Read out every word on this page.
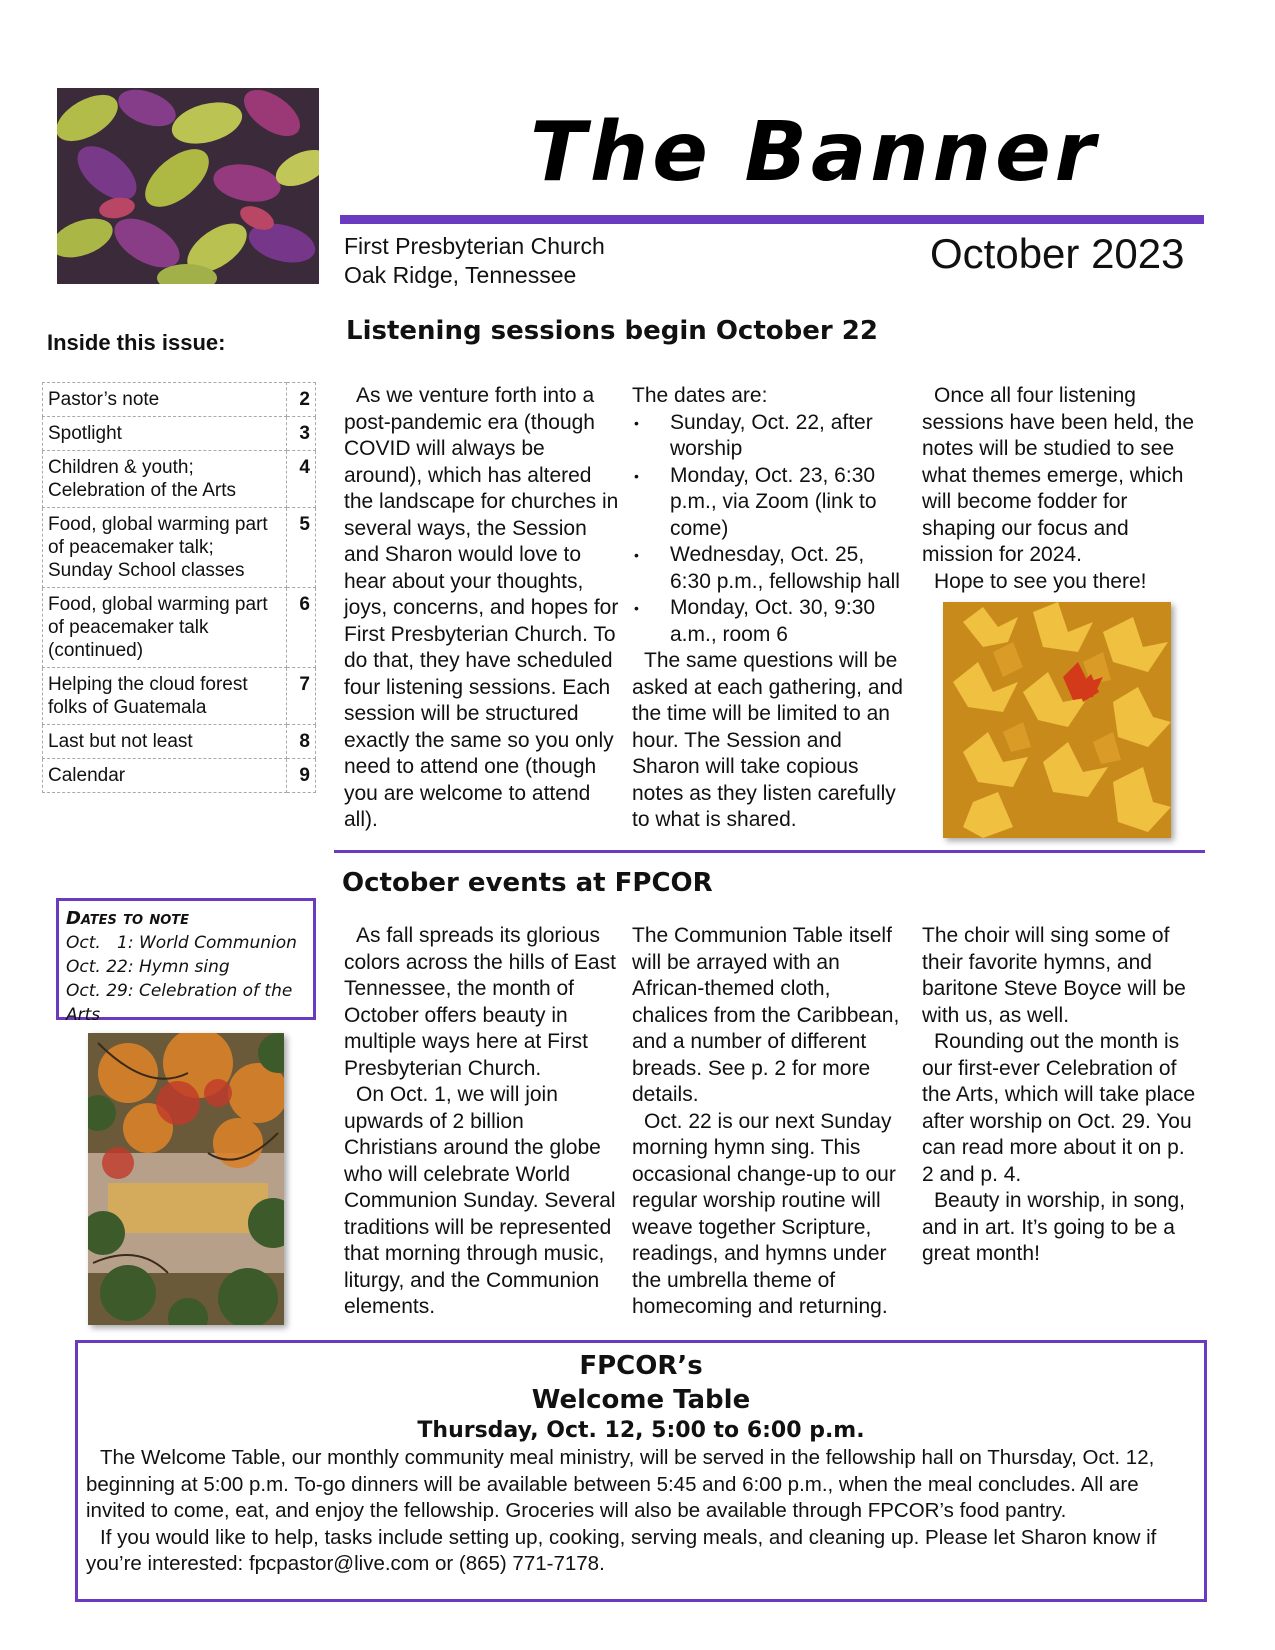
The Banner
First Presbyterian Church
Oak Ridge, Tennessee	October 2023
Inside this issue:
Pastor’s note	2
Spotlight	3
Children & youth; Celebration of the Arts	4
Food, global warming part of peacemaker talk; Sunday School classes	5
Food, global warming part of peacemaker talk (continued)	6
Helping the cloud forest folks of Guatemala	7
Last but not least	8
Calendar	9
Listening sessions begin October 22

As we venture forth into a post-pandemic era (though COVID will always be around), which has altered the landscape for churches in several ways, the Session and Sharon would love to hear about your thoughts, joys, concerns, and hopes for First Presbyterian Church. To do that, they have scheduled four listening sessions. Each session will be structured exactly the same so you only need to attend one (though you are welcome to attend all).

The dates are:

• Sunday, Oct. 22, after worship
• Monday, Oct. 23, 6:30 p.m., via Zoom (link to come)
• Wednesday, Oct. 25, 6:30 p.m., fellowship hall
• Monday, Oct. 30, 9:30 a.m., room 6

The same questions will be asked at each gathering, and the time will be limited to an hour. The Session and Sharon will take copious notes as they listen carefully to what is shared.

Once all four listening sessions have been held, the notes will be studied to see what themes emerge, which will become fodder for shaping our focus and mission for 2024.

Hope to see you there!

October events at FPCOR

As fall spreads its glorious colors across the hills of East Tennessee, the month of October offers beauty in multiple ways here at First Presbyterian Church.

On Oct. 1, we will join upwards of 2 billion Christians around the globe who will celebrate World Communion Sunday. Several traditions will be represented that morning through music, liturgy, and the Communion elements.

The Communion Table itself will be arrayed with an African-themed cloth, chalices from the Caribbean, and a number of different breads. See p. 2 for more details.

Oct. 22 is our next Sunday morning hymn sing. This occasional change-up to our regular worship routine will weave together Scripture, readings, and hymns under the umbrella theme of homecoming and returning.

The choir will sing some of their favorite hymns, and baritone Steve Boyce will be with us, as well.

Rounding out the month is our first-ever Celebration of the Arts, which will take place after worship on Oct. 29. You can read more about it on p. 2 and p. 4.

Beauty in worship, in song, and in art. It’s going to be a great month!

Dates to note
Oct.   1: World Communion
Oct. 22: Hymn sing
Oct. 29: Celebration of the Arts
FPCOR’s
Welcome Table
Thursday, Oct. 12, 5:00 to 6:00 p.m.

The Welcome Table, our monthly community meal ministry, will be served in the fellowship hall on Thursday, Oct. 12, beginning at 5:00 p.m. To-go dinners will be available between 5:45 and 6:00 p.m., when the meal concludes. All are invited to come, eat, and enjoy the fellowship. Groceries will also be available through FPCOR’s food pantry.

If you would like to help, tasks include setting up, cooking, serving meals, and cleaning up. Please let Sharon know if you’re interested: fpcpastor@live.com or (865) 771-7178.
